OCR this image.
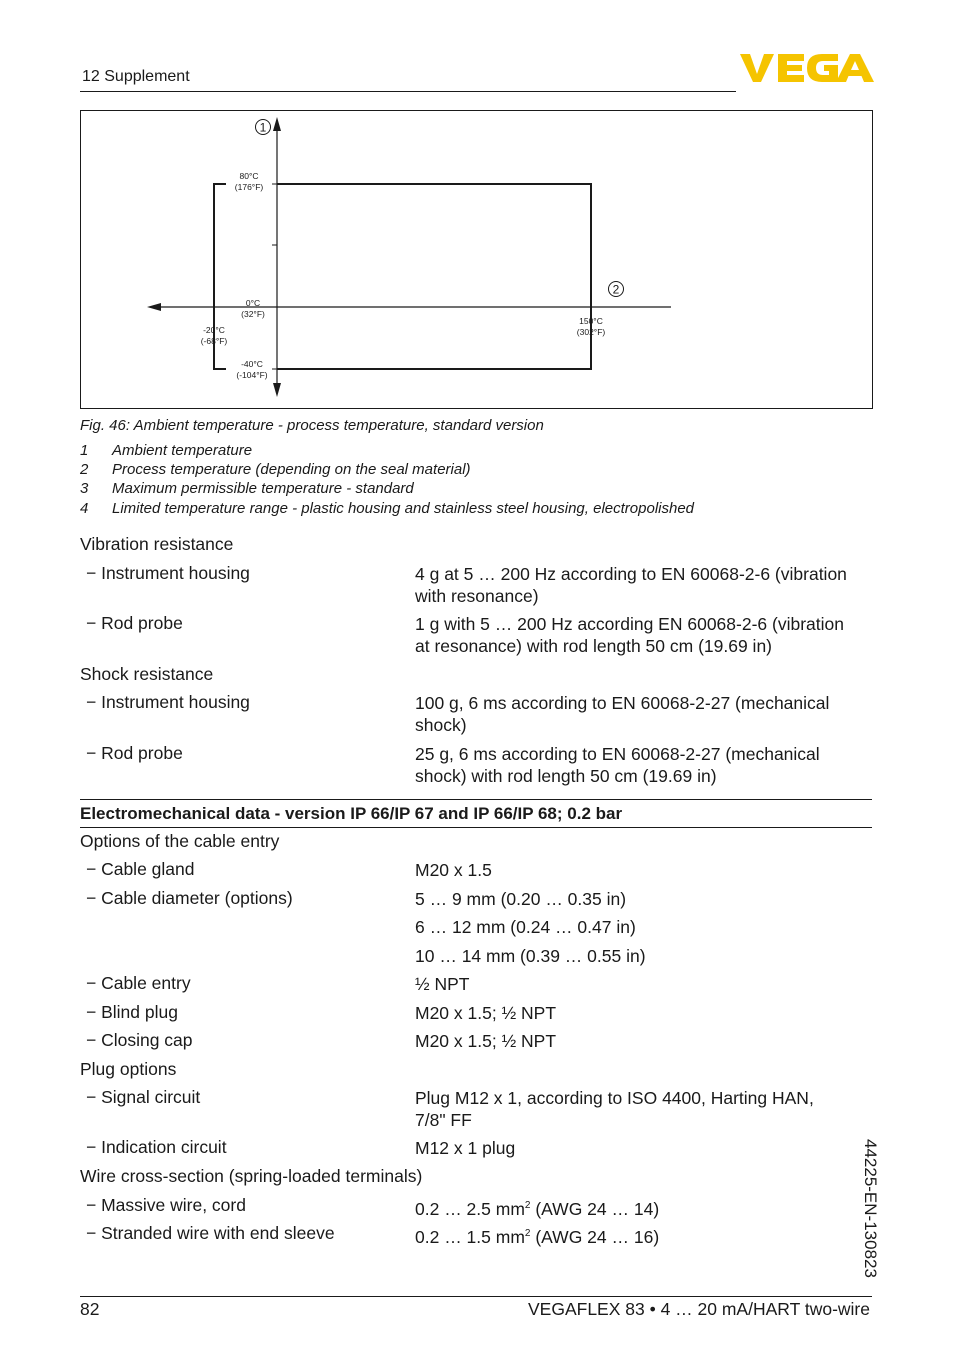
12 Supplement
1
2
80°C
(176°F)
0°C
(32°F)
-20°C
(-68°F)
-40°C
(-104°F)
150°C
(302°F)
Fig. 46: Ambient temperature - process temperature, standard version
1 Ambient temperature
2 Process temperature (depending on the seal material)
3 Maximum permissible temperature - standard
4 Limited temperature range - plastic housing and stainless steel housing, electropolished
Vibration resistance
− Instrument housing	4 g at 5 … 200 Hz according to EN 60068-2-6 (vibration
with resonance)
− Rod probe	1 g with 5 … 200 Hz according EN 60068-2-6 (vibration
at resonance) with rod length 50 cm (19.69 in)
Shock resistance
− Instrument housing	100 g, 6 ms according to EN 60068-2-27 (mechanical
shock)
− Rod probe	25 g, 6 ms according to EN 60068-2-27 (mechanical
shock) with rod length 50 cm (19.69 in)
Electromechanical data - version IP 66/IP 67 and IP 66/IP 68; 0.2 bar
Options of the cable entry
− Cable gland	M20 x 1.5
− Cable diameter (options)	5 … 9 mm (0.20 … 0.35 in)
6 … 12 mm (0.24 … 0.47 in)
10 … 14 mm (0.39 … 0.55 in)
− Cable entry	½ NPT
− Blind plug	M20 x 1.5; ½ NPT
− Closing cap	M20 x 1.5; ½ NPT
Plug options
− Signal circuit	Plug M12 x 1, according to ISO 4400, Harting HAN,
7/8" FF
− Indication circuit	M12 x 1 plug
Wire cross-section (spring-loaded terminals)
− Massive wire, cord	0.2 … 2.5 $mm^2$ (AWG 24 … 14)
− Stranded wire with end sleeve	0.2 … 1.5 $mm^2$ (AWG 24 … 16)	44225-EN-130823
82	VEGAFLEX 83 • 4 … 20 mA/HART two-wire
